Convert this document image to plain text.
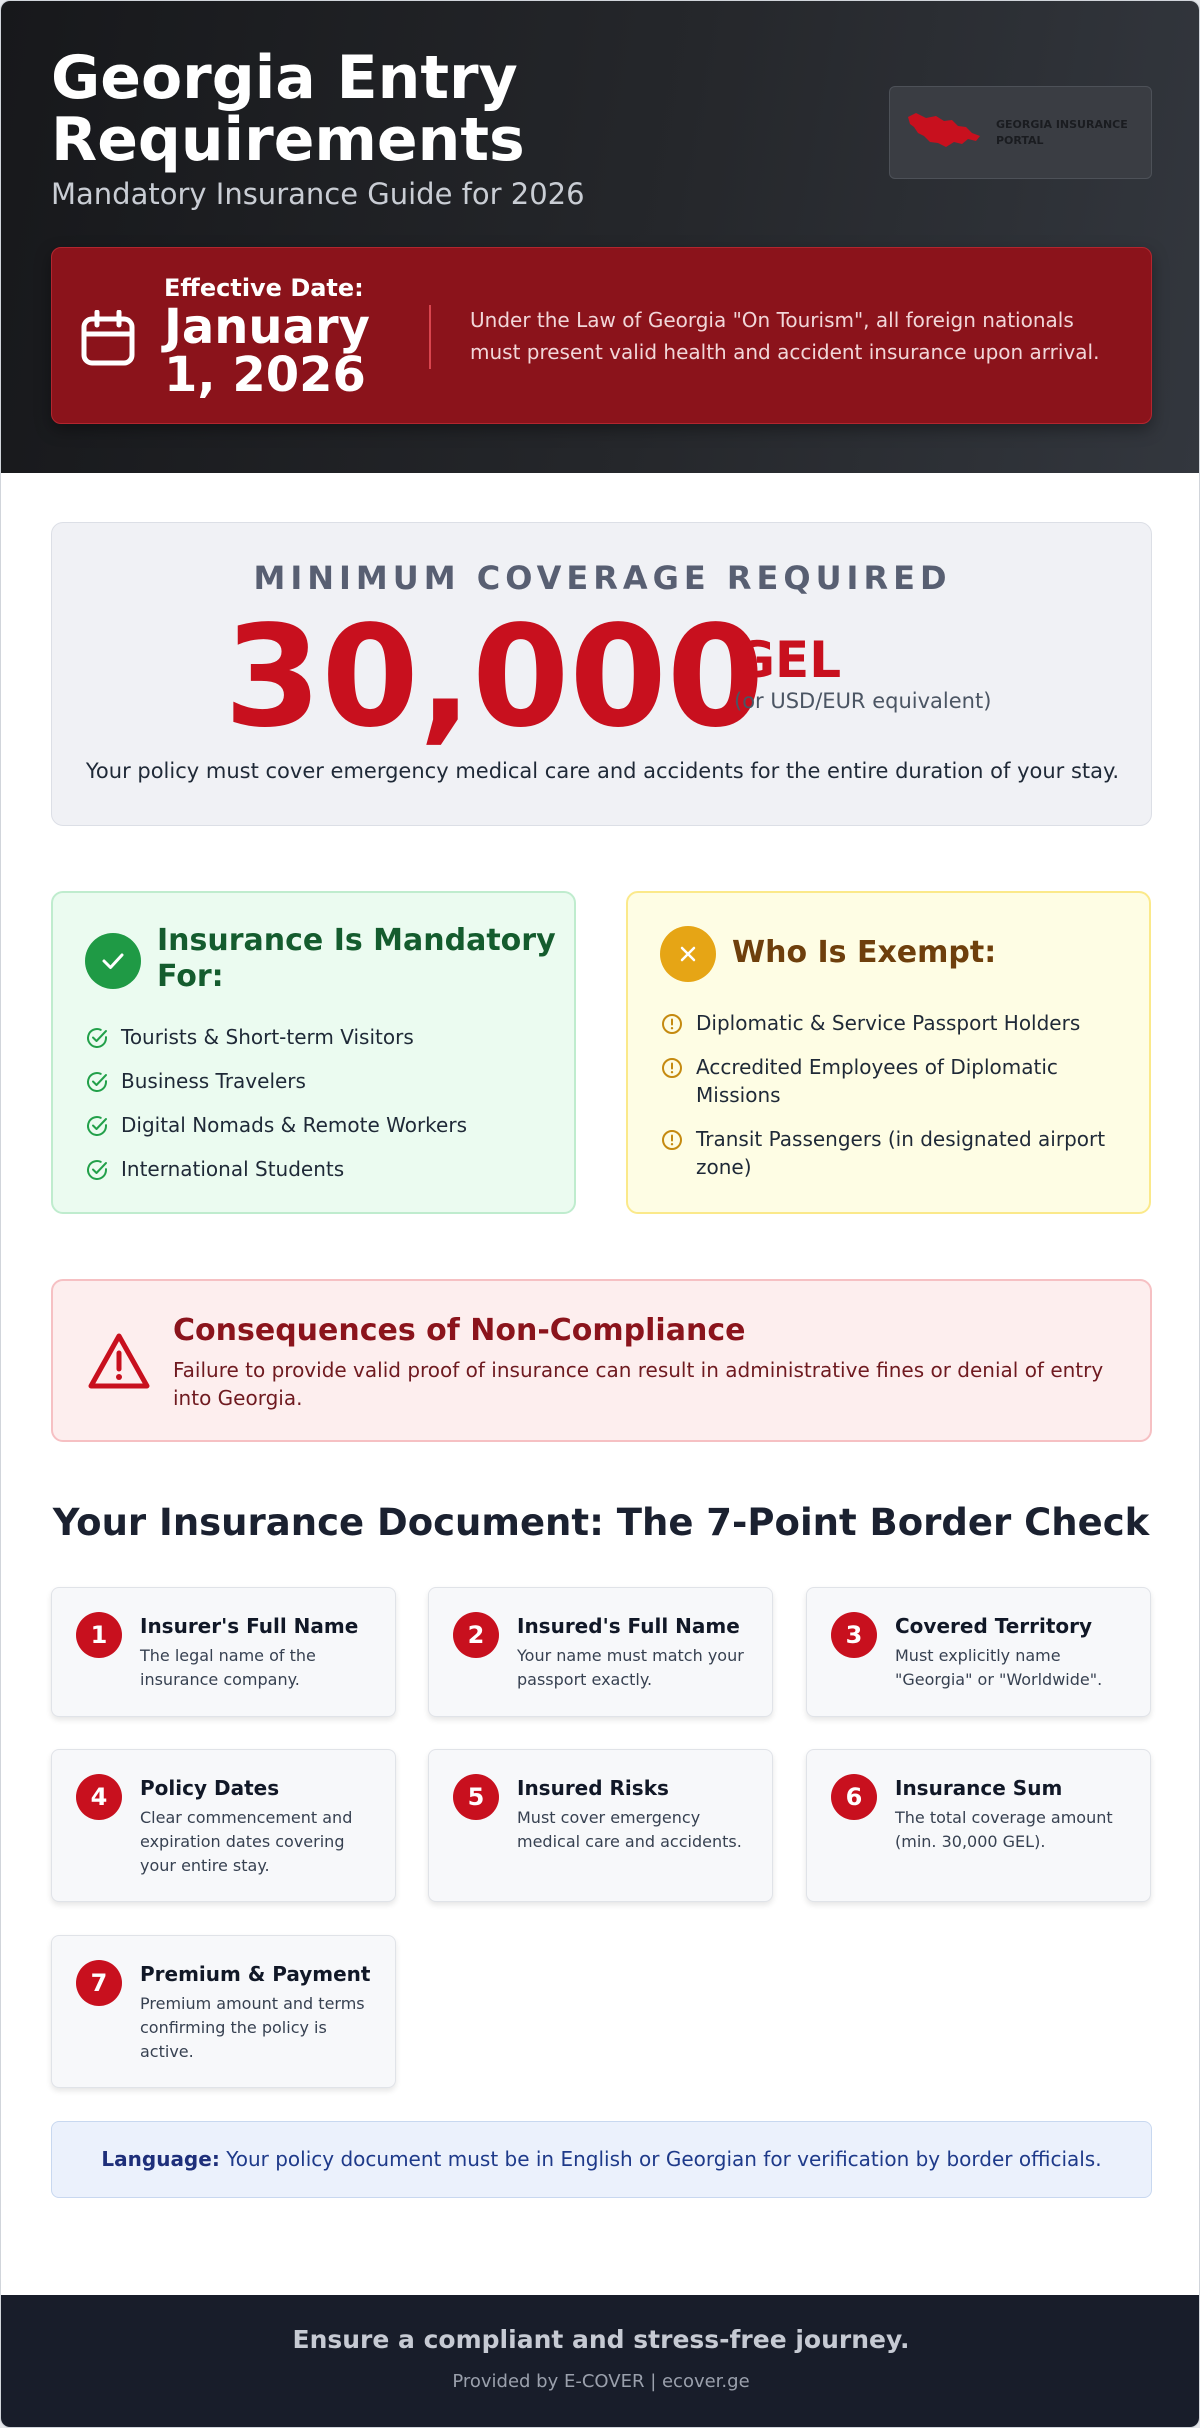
Georgia Entry Requirements
Mandatory Insurance Guide for 2026
GEORGIA INSURANCE PORTAL
Effective Date:
January 1, 2026
Under the Law of Georgia "On Tourism", all foreign nationals must present valid health and accident insurance upon arrival.
MINIMUM COVERAGE REQUIRED
30,000
GEL
(or USD/EUR equivalent)
Your policy must cover emergency medical care and accidents for the entire duration of your stay.
Insurance Is Mandatory For:
Tourists & Short-term Visitors
Business Travelers
Digital Nomads & Remote Workers
International Students
Who Is Exempt:
Diplomatic & Service Passport Holders
Accredited Employees of Diplomatic Missions
Transit Passengers (in designated airport zone)
Consequences of Non-Compliance
Failure to provide valid proof of insurance can result in administrative fines or denial of entry into Georgia.
Your Insurance Document: The 7-Point Border Check
1	Insurer's Full Name
The legal name of the insurance company.
2	Insured's Full Name
Your name must match your passport exactly.
3	Covered Territory
Must explicitly name "Georgia" or "Worldwide".
4	Policy Dates
Clear commencement and expiration dates covering your entire stay.
5	Insured Risks
Must cover emergency medical care and accidents.
6	Insurance Sum
The total coverage amount (min. 30,000 GEL).
7	Premium & Payment
Premium amount and terms confirming the policy is active.
Language: Your policy document must be in English or Georgian for verification by border officials.
Ensure a compliant and stress-free journey.
Provided by E-COVER | ecover.ge
